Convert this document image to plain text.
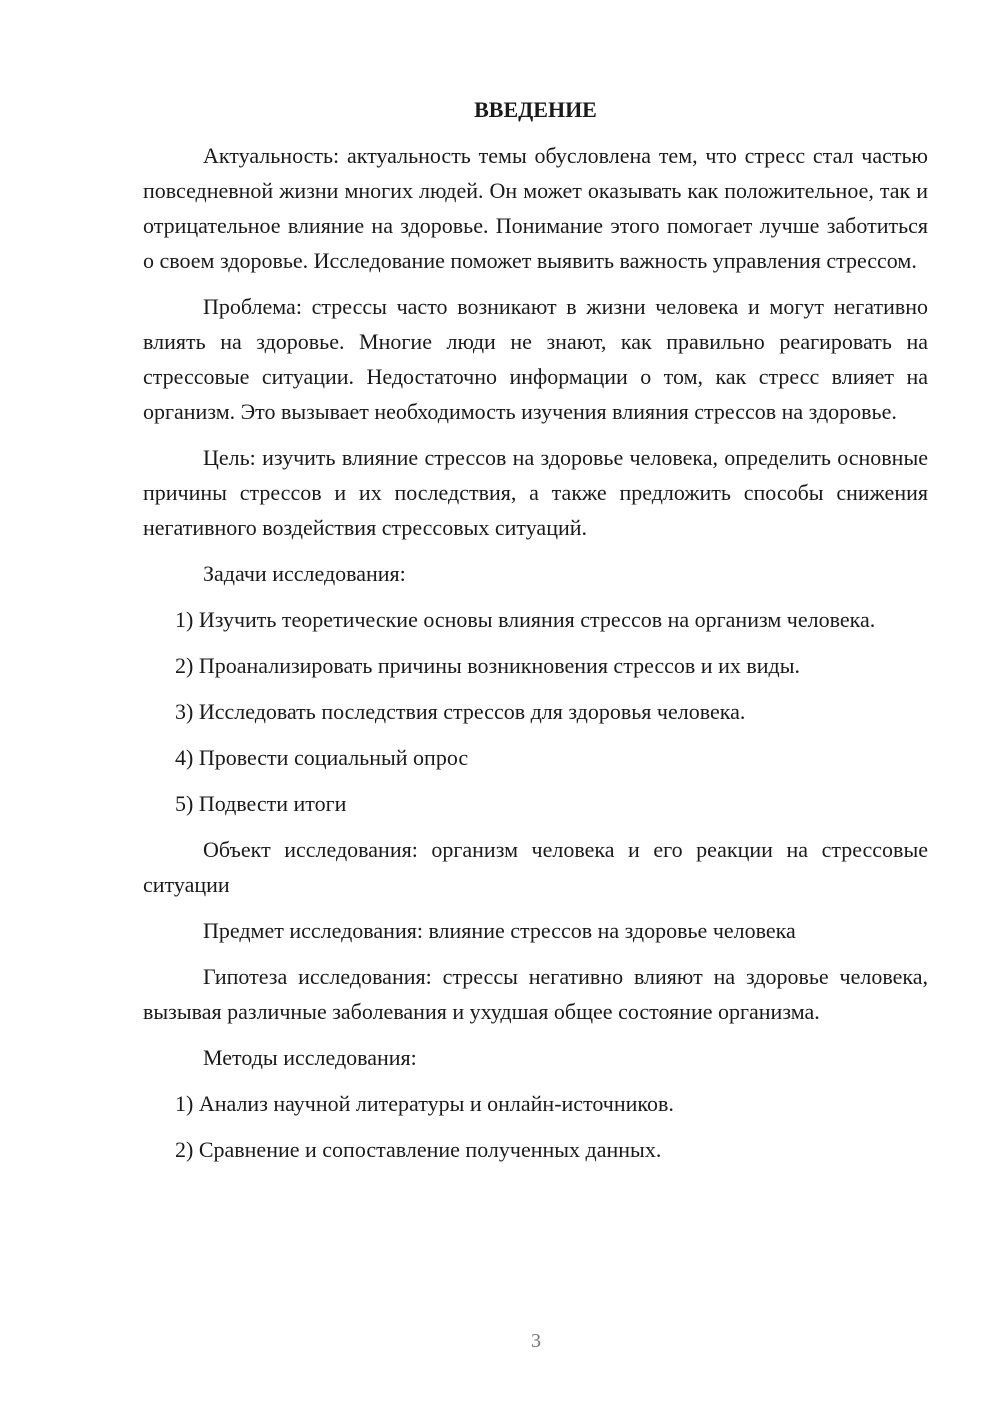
ВВЕДЕНИЕ

Актуальность: актуальность темы обусловлена тем, что стресс стал частью повседневной жизни многих людей. Он может оказывать как положительное, так и отрицательное влияние на здоровье. Понимание этого помогает лучше заботиться о своем здоровье. Исследование поможет выявить важность управления стрессом.

Проблема: стрессы часто возникают в жизни человека и могут негативно влиять на здоровье. Многие люди не знают, как правильно реагировать на стрессовые ситуации. Недостаточно информации о том, как стресс влияет на организм. Это вызывает необходимость изучения влияния стрессов на здоровье.

Цель: изучить влияние стрессов на здоровье человека, определить основные причины стрессов и их последствия, а также предложить способы снижения негативного воздействия стрессовых ситуаций.

Задачи исследования:

1) Изучить теоретические основы влияния стрессов на организм человека.

2) Проанализировать причины возникновения стрессов и их виды.

3) Исследовать последствия стрессов для здоровья человека.

4) Провести социальный опрос

5) Подвести итоги

Объект исследования: организм человека и его реакции на стрессовые ситуации

Предмет исследования: влияние стрессов на здоровье человека

Гипотеза исследования: стрессы негативно влияют на здоровье человека, вызывая различные заболевания и ухудшая общее состояние организма.

Методы исследования:

1) Анализ научной литературы и онлайн-источников.

2) Сравнение и сопоставление полученных данных.

3
